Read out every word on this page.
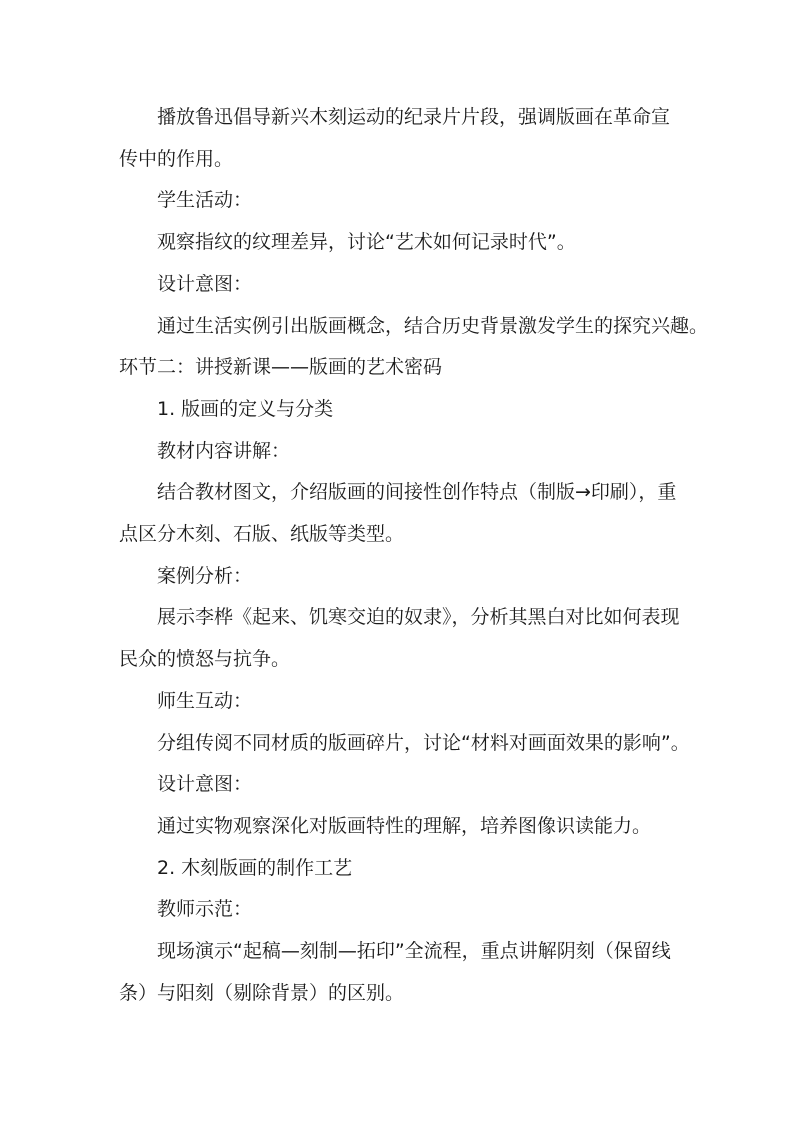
播放鲁迅倡导新兴木刻运动的纪录片片段，强调版画在革命宣传中的作用。

学生活动：

观察指纹的纹理差异，讨论“艺术如何记录时代”。

设计意图：

通过生活实例引出版画概念，结合历史背景激发学生的探究兴趣。

环节二：讲授新课——版画的艺术密码

1. 版画的定义与分类

教材内容讲解：

结合教材图文，介绍版画的间接性创作特点（制版→印刷），重点区分木刻、石版、纸版等类型。

案例分析：

展示李桦《起来、饥寒交迫的奴隶》，分析其黑白对比如何表现民众的愤怒与抗争。

师生互动：

分组传阅不同材质的版画碎片，讨论“材料对画面效果的影响”。

设计意图：

通过实物观察深化对版画特性的理解，培养图像识读能力。

2. 木刻版画的制作工艺

教师示范：

现场演示“起稿—刻制—拓印”全流程，重点讲解阴刻（保留线条）与阳刻（剔除背景）的区别。
